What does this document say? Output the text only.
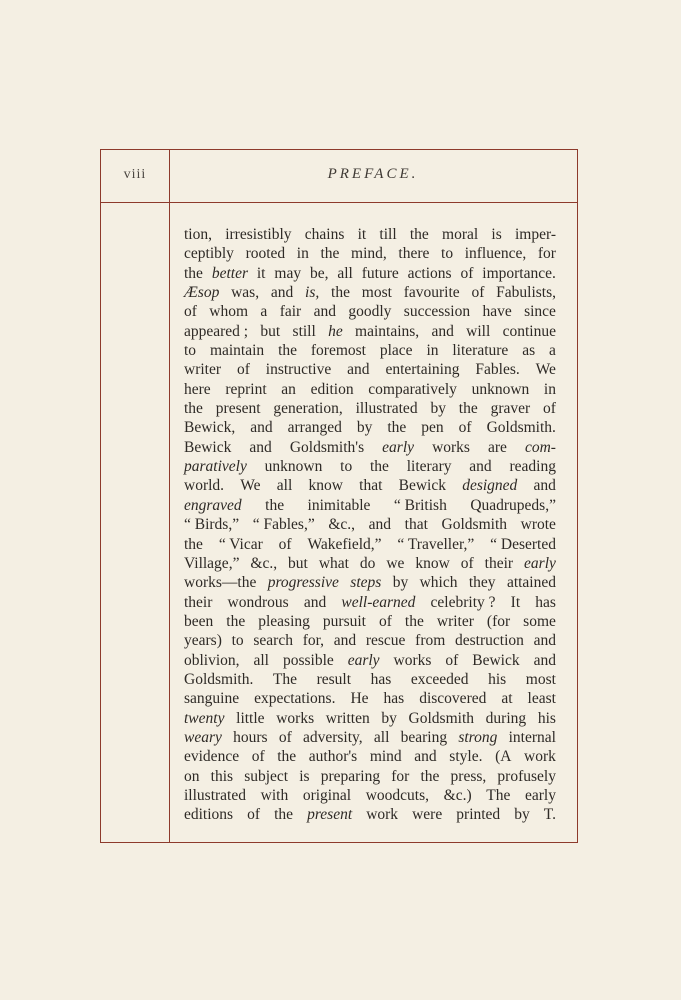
viii	PREFACE.
tion, irresistibly chains it till the moral is imper-
ceptibly rooted in the mind, there to influence, for
the better it may be, all future actions of importance.
Æsop was, and is, the most favourite of Fabulists,
of whom a fair and goodly succession have since
appeared ; but still he maintains, and will continue
to maintain the foremost place in literature as a
writer of instructive and entertaining Fables. We
here reprint an edition comparatively unknown in
the present generation, illustrated by the graver of
Bewick, and arranged by the pen of Goldsmith.
Bewick and Goldsmith's early works are com-
paratively unknown to the literary and reading
world. We all know that Bewick designed and
engraved the inimitable “ British Quadrupeds,”
“ Birds,” “ Fables,” &c., and that Goldsmith wrote
the “ Vicar of Wakefield,” “ Traveller,” “ Deserted
Village,” &c., but what do we know of their early
works—the progressive steps by which they attained
their wondrous and well-earned celebrity ? It has
been the pleasing pursuit of the writer (for some
years) to search for, and rescue from destruction and
oblivion, all possible early works of Bewick and
Goldsmith. The result has exceeded his most
sanguine expectations. He has discovered at least
twenty little works written by Goldsmith during his
weary hours of adversity, all bearing strong internal
evidence of the author's mind and style. (A work
on this subject is preparing for the press, profusely
illustrated with original woodcuts, &c.) The early
editions of the present work were printed by T.
